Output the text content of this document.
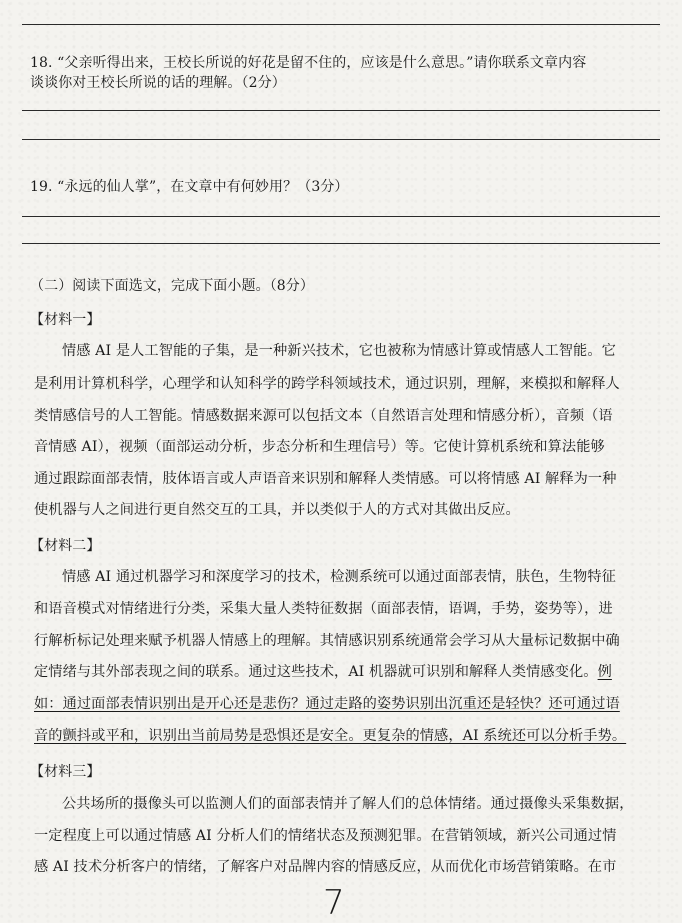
18. “父亲听得出来，王校长所说的好花是留不住的，应该是什么意思。”请你联系文章内容
谈谈你对王校长所说的话的理解。（2分）
19. “永远的仙人掌”，在文章中有何妙用？（3分）
（二）阅读下面选文，完成下面小题。（8分）
【材料一】
情感 AI 是人工智能的子集，是一种新兴技术，它也被称为情感计算或情感人工智能。它
是利用计算机科学，心理学和认知科学的跨学科领域技术，通过识别，理解，来模拟和解释人
类情感信号的人工智能。情感数据来源可以包括文本（自然语言处理和情感分析），音频（语
音情感 AI），视频（面部运动分析，步态分析和生理信号）等。它使计算机系统和算法能够
通过跟踪面部表情，肢体语言或人声语音来识别和解释人类情感。可以将情感 AI 解释为一种
使机器与人之间进行更自然交互的工具，并以类似于人的方式对其做出反应。
【材料二】
情感 AI 通过机器学习和深度学习的技术，检测系统可以通过面部表情，肤色，生物特征
和语音模式对情绪进行分类，采集大量人类特征数据（面部表情，语调，手势，姿势等），进
行解析标记处理来赋予机器人情感上的理解。其情感识别系统通常会学习从大量标记数据中确
定情绪与其外部表现之间的联系。通过这些技术，AI 机器就可识别和解释人类情感变化。例
如：通过面部表情识别出是开心还是悲伤？通过走路的姿势识别出沉重还是轻快？还可通过语
音的颤抖或平和，识别出当前局势是恐惧还是安全。更复杂的情感，AI 系统还可以分析手势。
【材料三】
公共场所的摄像头可以监测人们的面部表情并了解人们的总体情绪。通过摄像头采集数据，
一定程度上可以通过情感 AI 分析人们的情绪状态及预测犯罪。在营销领域，新兴公司通过情
感 AI 技术分析客户的情绪，了解客户对品牌内容的情感反应，从而优化市场营销策略。在市
7
